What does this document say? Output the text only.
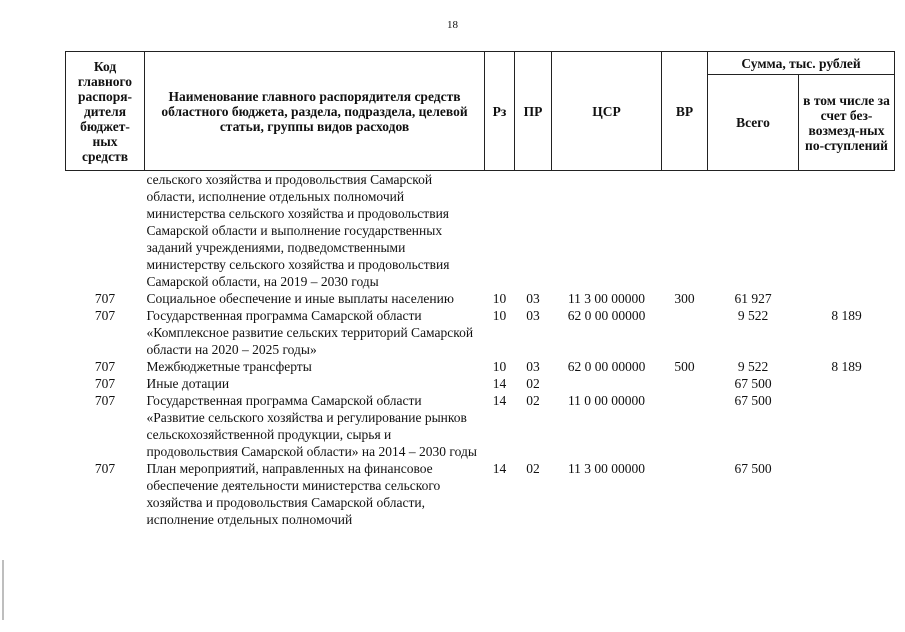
18
Код главного распоря-дителя бюджет-ных средств	Наименование главного распорядителя средств областного бюджета, раздела, подраздела, целевой статьи, группы видов расходов	Рз	ПР	ЦСР	ВР	Сумма, тыс. рублей	
						Всего	в том числе за счет без-возмезд-ных по-ступлений
	сельского хозяйства и продовольствия Самарской области, исполнение отдельных полномочий министерства сельского хозяйства и продовольствия Самарской области и выполнение государственных заданий учреждениями, подведомственными министерству сельского хозяйства и продовольствия Самарской области, на 2019 – 2030 годы						
707	Социальное обеспечение и иные выплаты населению	10	03	11 3 00 00000	300	61 927	
707	Государственная программа Самарской области «Комплексное развитие сельских территорий Самарской области на 2020 – 2025 годы»	10	03	62 0 00 00000		9 522	8 189
707	Межбюджетные трансферты	10	03	62 0 00 00000	500	9 522	8 189
707	Иные дотации	14	02			67 500	
707	Государственная программа Самарской области «Развитие сельского хозяйства и регулирование рынков сельскохозяйственной продукции, сырья и продовольствия Самарской области» на 2014 – 2030 годы	14	02	11 0 00 00000		67 500	
707	План мероприятий, направленных на финансовое обеспечение деятельности министерства сельского хозяйства и продовольствия Самарской области, исполнение отдельных полномочий	14	02	11 3 00 00000		67 500	
